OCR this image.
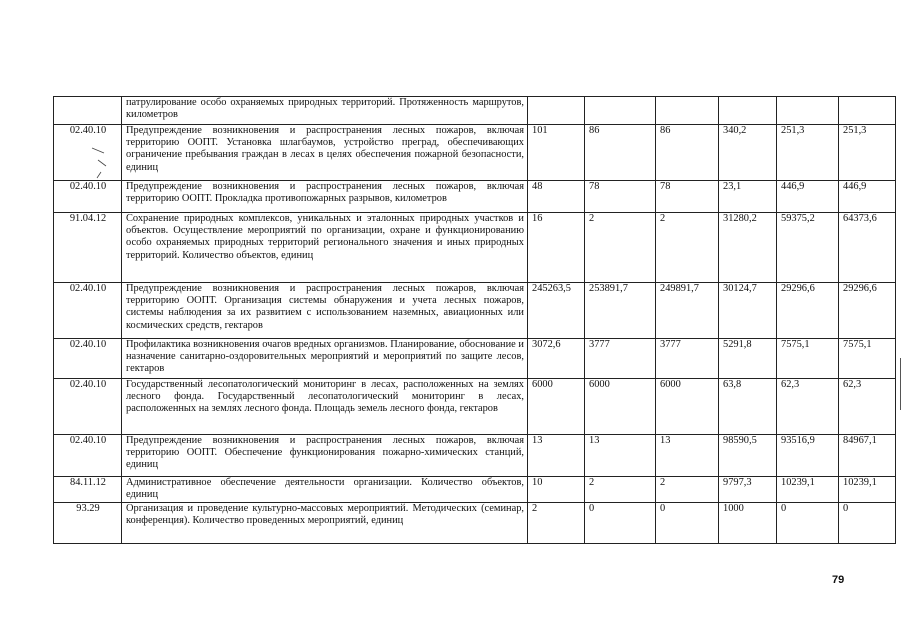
	патрулирование особо охраняемых природных территорий. Протяженность маршрутов, километров						
02.40.10	Предупреждение возникновения и распространения лесных пожаров, включая территорию ООПТ. Установка шлагбаумов, устройство преград, обеспечивающих ограничение пребывания граждан в лесах в целях обеспечения пожарной безопасности, единиц	101	86	86	340,2	251,3	251,3
02.40.10	Предупреждение возникновения и распространения лесных пожаров, включая территорию ООПТ. Прокладка противопожарных разрывов, километров	48	78	78	23,1	446,9	446,9
91.04.12	Сохранение природных комплексов, уникальных и эталонных природных участков и объектов. Осуществление мероприятий по организации, охране и функционированию особо охраняемых природных территорий регионального значения и иных природных территорий. Количество объектов, единиц	16	2	2	31280,2	59375,2	64373,6
02.40.10	Предупреждение возникновения и распространения лесных пожаров, включая территорию ООПТ. Организация системы обнаружения и учета лесных пожаров, системы наблюдения за их развитием с использованием наземных, авиационных или космических средств, гектаров	245263,5	253891,7	249891,7	30124,7	29296,6	29296,6
02.40.10	Профилактика возникновения очагов вредных организмов. Планирование, обоснование и назначение санитарно-оздоровительных мероприятий и мероприятий по защите лесов, гектаров	3072,6	3777	3777	5291,8	7575,1	7575,1
02.40.10	Государственный лесопатологический мониторинг в лесах, расположенных на землях лесного фонда. Государственный лесопатологический мониторинг в лесах, расположенных на землях лесного фонда. Площадь земель лесного фонда, гектаров	6000	6000	6000	63,8	62,3	62,3
02.40.10	Предупреждение возникновения и распространения лесных пожаров, включая территорию ООПТ. Обеспечение функционирования пожарно-химических станций, единиц	13	13	13	98590,5	93516,9	84967,1
84.11.12	Административное обеспечение деятельности организации. Количество объектов, единиц	10	2	2	9797,3	10239,1	10239,1
93.29	Организация и проведение культурно-массовых мероприятий. Методических (семинар, конференция). Количество проведенных мероприятий, единиц	2	0	0	1000	0	0
79
